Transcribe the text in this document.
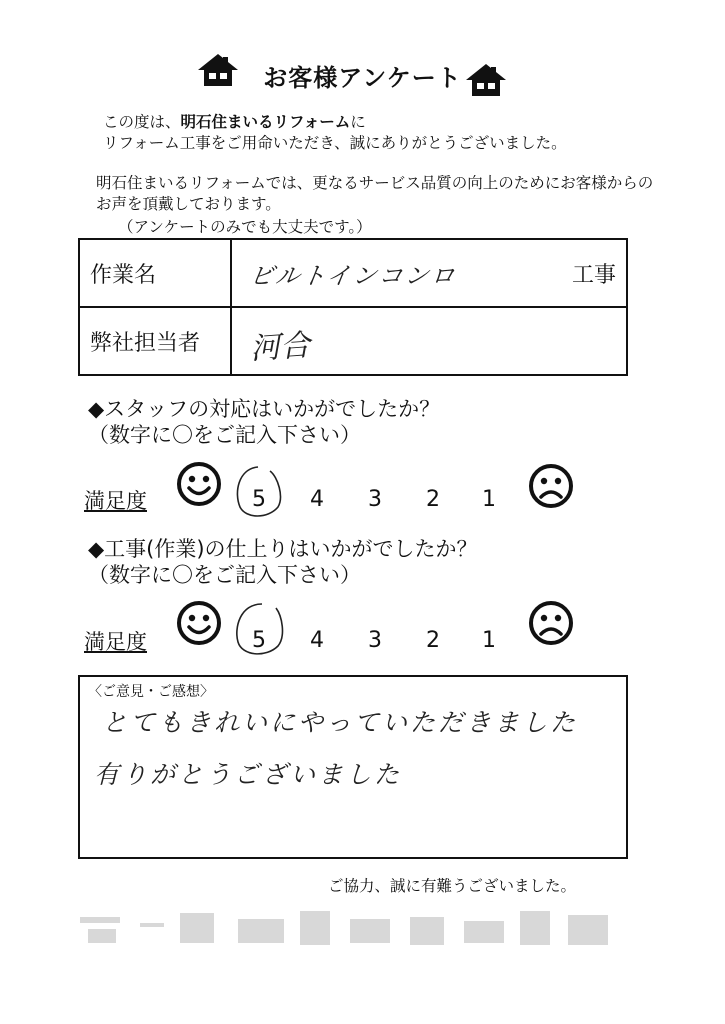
お客様アンケート
この度は、明石住まいるリフォームに
リフォーム工事をご用命いただき、誠にありがとうございました。
明石住まいるリフォームでは、更なるサービス品質の向上のためにお客様からのお声を頂戴しております。
（アンケートのみでも大丈夫です。）
作業名	ビルトインコンロ 工事

弊社担当者	河合
◆スタッフの対応はいかがでしたか？
（数字に〇をご記入下さい）
満足度	5 4 3 2 1
◆工事(作業)の仕上りはいかがでしたか？
（数字に〇をご記入下さい）
満足度	5 4 3 2 1
〈ご意見・ご感想〉
とてもきれいにやっていただきました
有りがとうございました
ご協力、誠に有難うございました。
